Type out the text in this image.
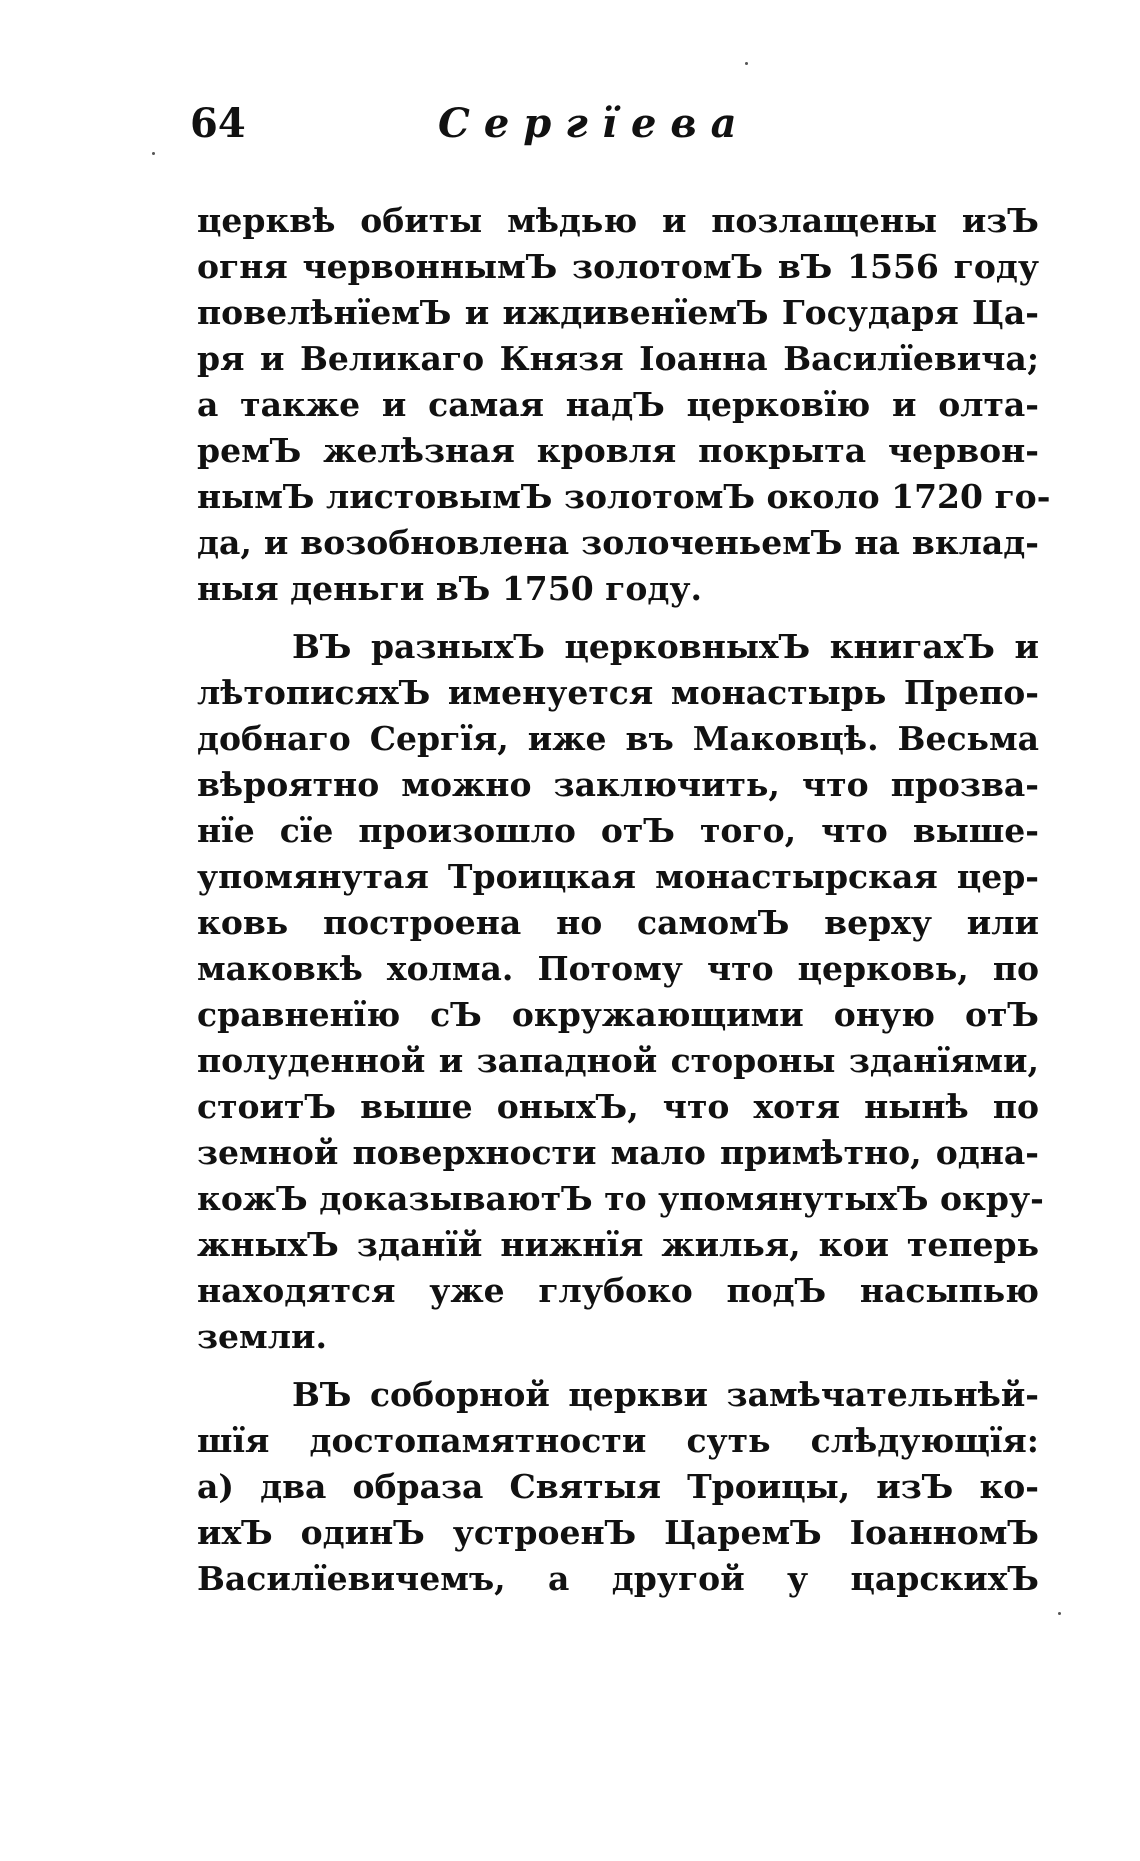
64	Сергїева
церквѣ обиты мѣдью и позлащены изЪ
огня червоннымЪ золотомЪ вЪ 1556 году
повелѣнїемЪ и иждивенїемЪ Государя Ца-
ря и Великаго Князя Іоанна Василїевича;
а также и самая надЪ церковїю и олта-
ремЪ желѣзная кровля покрыта червон-
нымЪ листовымЪ золотомЪ около 1720 го-
да, и возобновлена золоченьемЪ на вклад-
ныя деньги вЪ 1750 году.
ВЪ разныхЪ церковныхЪ книгахЪ и
лѣтописяхЪ именуется монастырь Препо-
добнаго Сергїя, иже въ Маковцѣ. Весьма
вѣроятно можно заключить, что прозва-
нїе сїе произошло отЪ того, что выше-
упомянутая Троицкая монастырская цер-
ковь построена но самомЪ верху или
маковкѣ холма. Потому что церковь, по
сравненїю сЪ окружающими оную отЪ
полуденной и западной стороны зданїями,
стоитЪ выше оныхЪ, что хотя нынѣ по
земной поверхности мало примѣтно, однa-
кожЪ доказываютЪ то упомянутыхЪ окру-
жныхЪ зданїй нижнїя жилья, кои теперь
находятся уже глубоко подЪ насыпью
земли.
ВЪ соборной церкви замѣчательнѣй-
шїя достопамятности суть слѣдующїя:
а) два образа Святыя Троицы, изЪ ко-
ихЪ одинЪ устроенЪ ЦаремЪ ІоанномЪ
Василїевичемъ, а другой у царскихЪ
